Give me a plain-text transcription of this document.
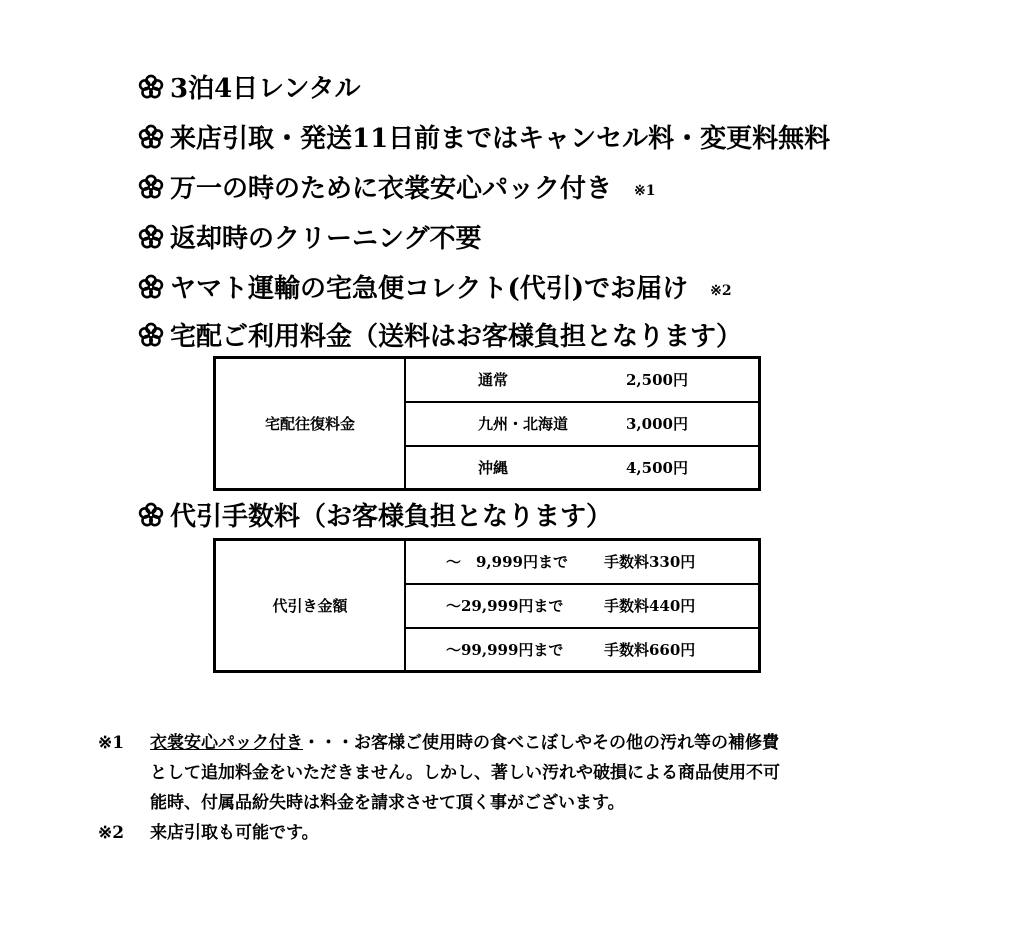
3泊4日レンタル
来店引取・発送11日前まではキャンセル料・変更料無料
万一の時のために衣裳安心パック付き ※1
返却時のクリーニング不要
ヤマト運輸の宅急便コレクト(代引)でお届け ※2
宅配ご利用料金（送料はお客様負担となります）
宅配往復料金	
通常	2,500円

九州・北海道	3,000円

沖縄	4,500円
代引手数料（お客様負担となります）
代引き金額	
～　9,999円まで	手数料330円

～29,999円まで	手数料440円

～99,999円まで	手数料660円
※1	衣裳安心パック付き・・・お客様ご使用時の食べこぼしやその他の汚れ等の補修費
として追加料金をいただきません。しかし、著しい汚れや破損による商品使用不可
能時、付属品紛失時は料金を請求させて頂く事がございます。
※2	来店引取も可能です。
